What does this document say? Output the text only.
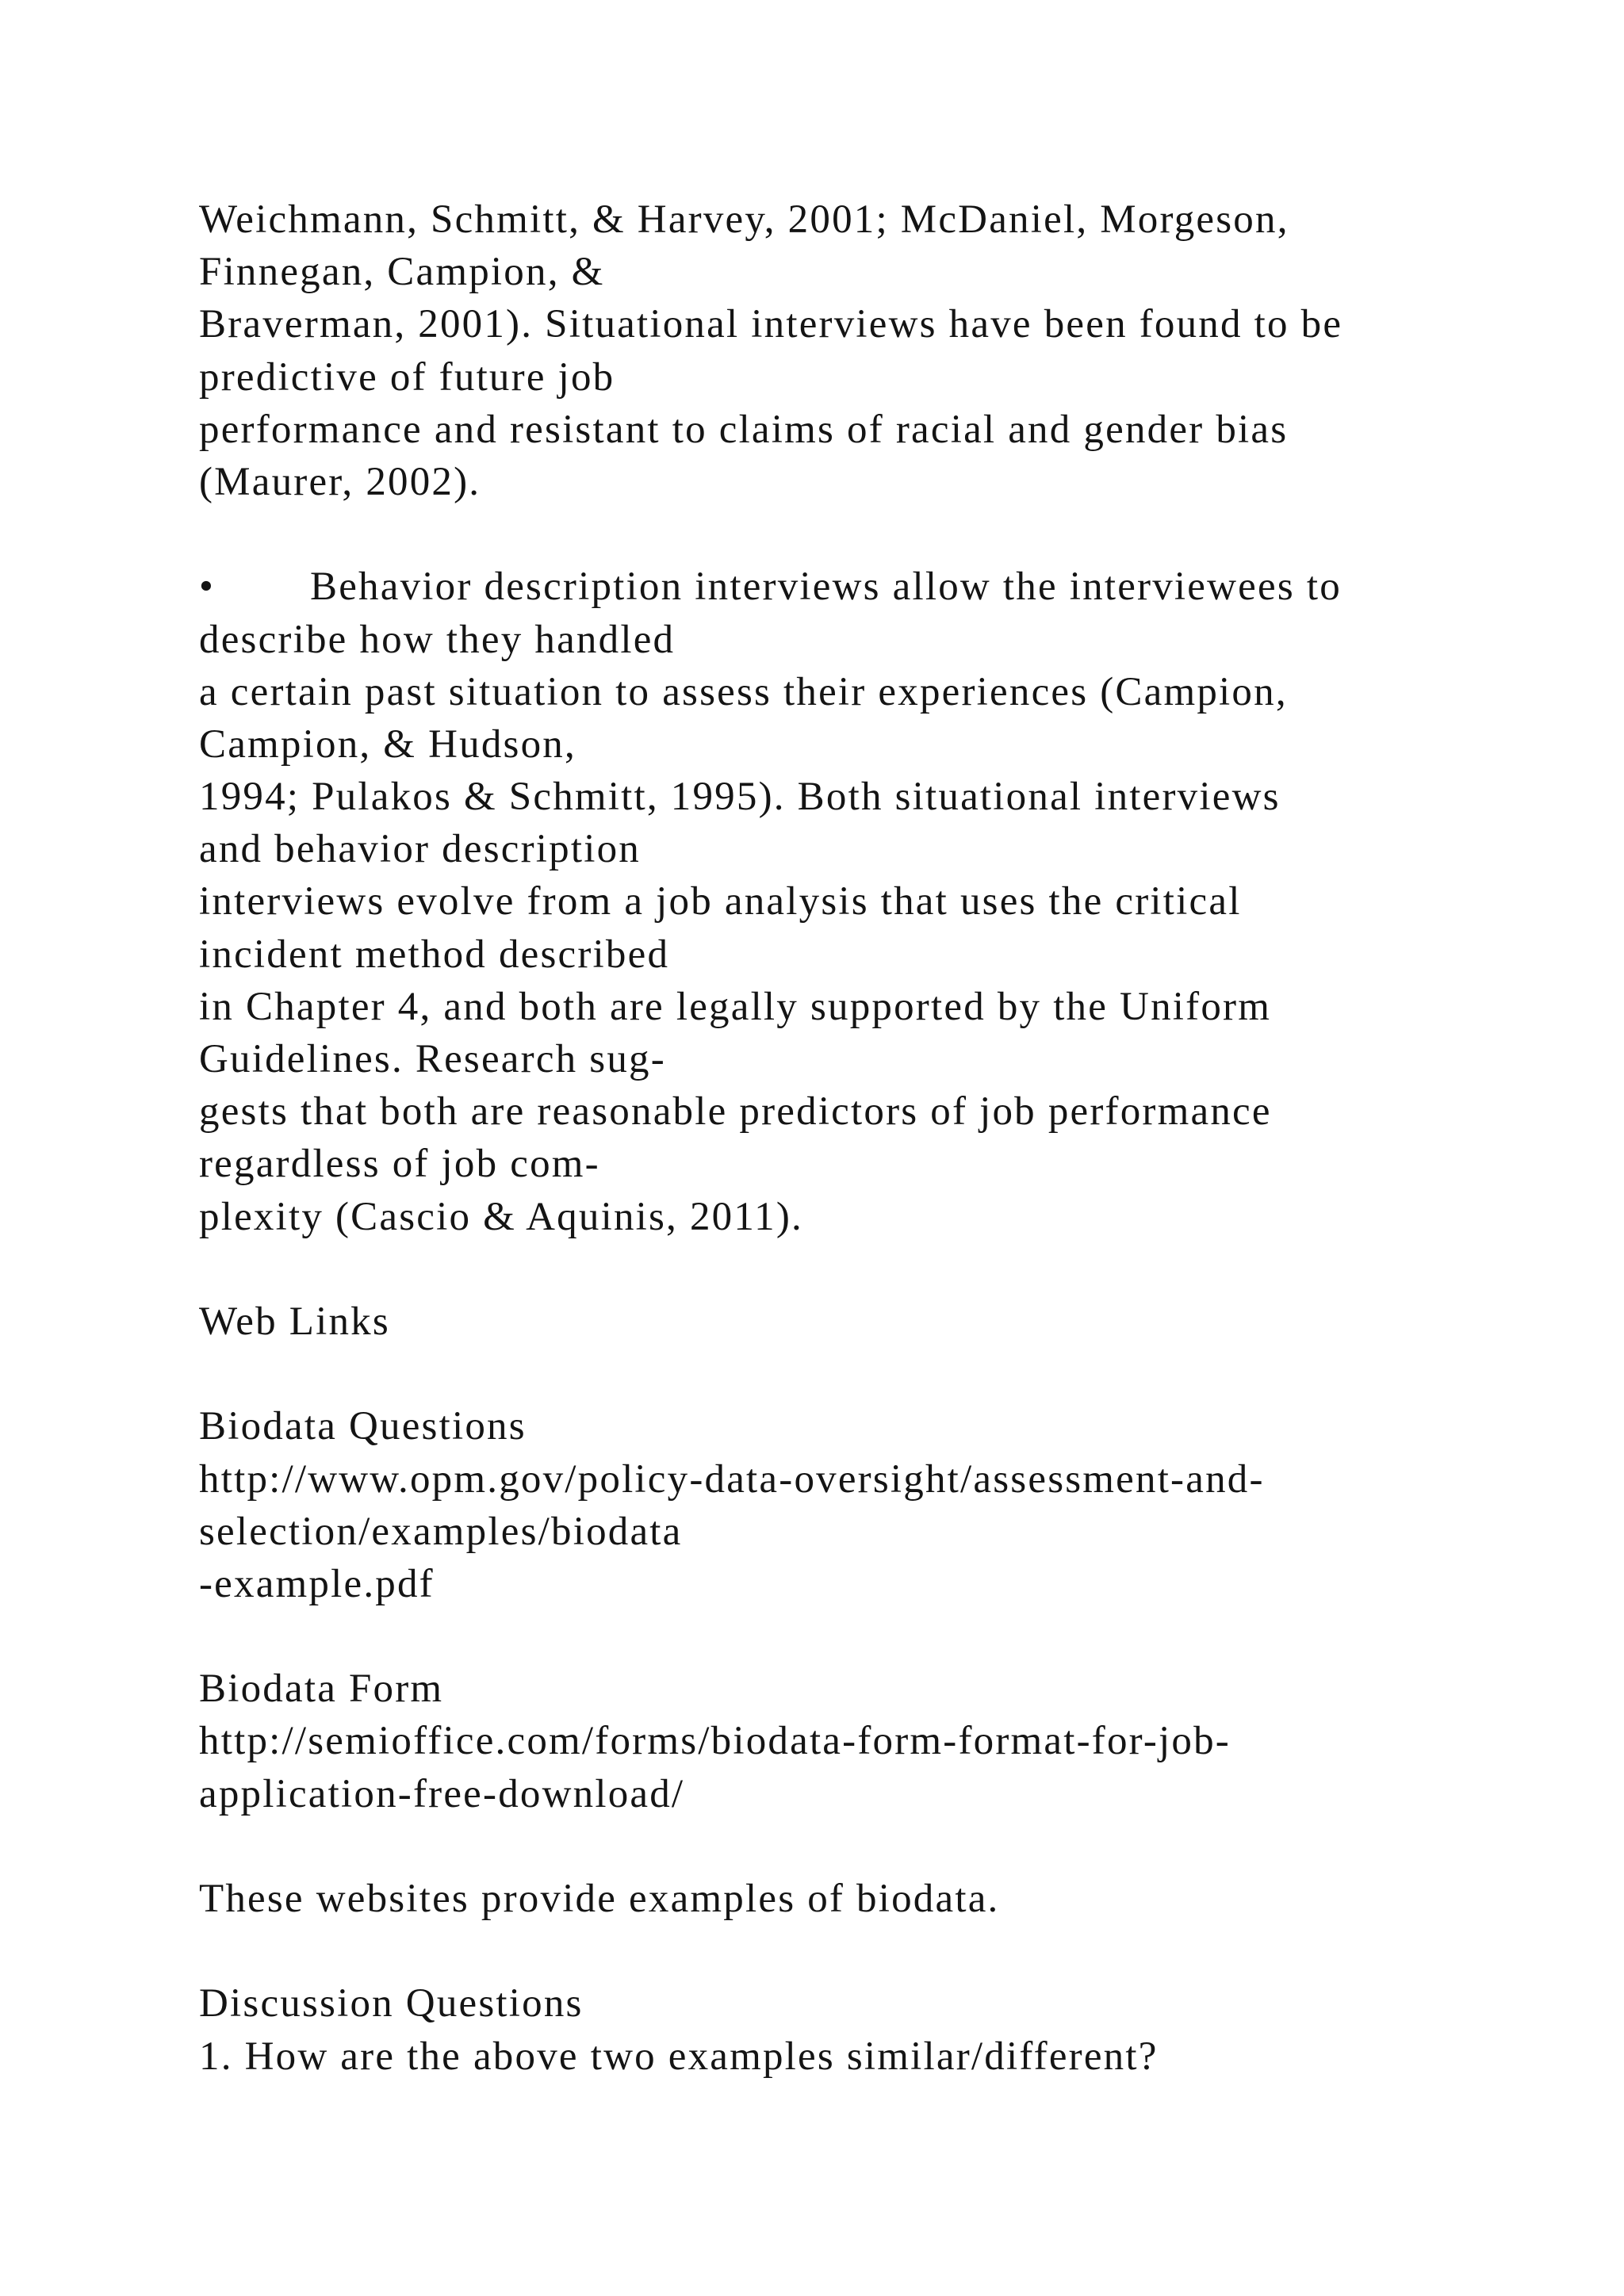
Weichmann, Schmitt, & Harvey, 2001; McDaniel, Morgeson,
Finnegan, Campion, &
Braverman, 2001). Situational interviews have been found to be
predictive of future job
performance and resistant to claims of racial and gender bias
(Maurer, 2002).
• Behavior description interviews allow the interviewees to
describe how they handled
a certain past situation to assess their experiences (Campion,
Campion, & Hudson,
1994; Pulakos & Schmitt, 1995). Both situational interviews
and behavior description
interviews evolve from a job analysis that uses the critical
incident method described
in Chapter 4, and both are legally supported by the Uniform
Guidelines. Research sug-
gests that both are reasonable predictors of job performance
regardless of job com-
plexity (Cascio & Aquinis, 2011).
Web Links
Biodata Questions
http://www.opm.gov/policy-data-oversight/assessment-and-
selection/examples/biodata
-example.pdf
Biodata Form
http://semioffice.com/forms/biodata-form-format-for-job-
application-free-download/
These websites provide examples of biodata.
Discussion Questions
1. How are the above two examples similar/different?
